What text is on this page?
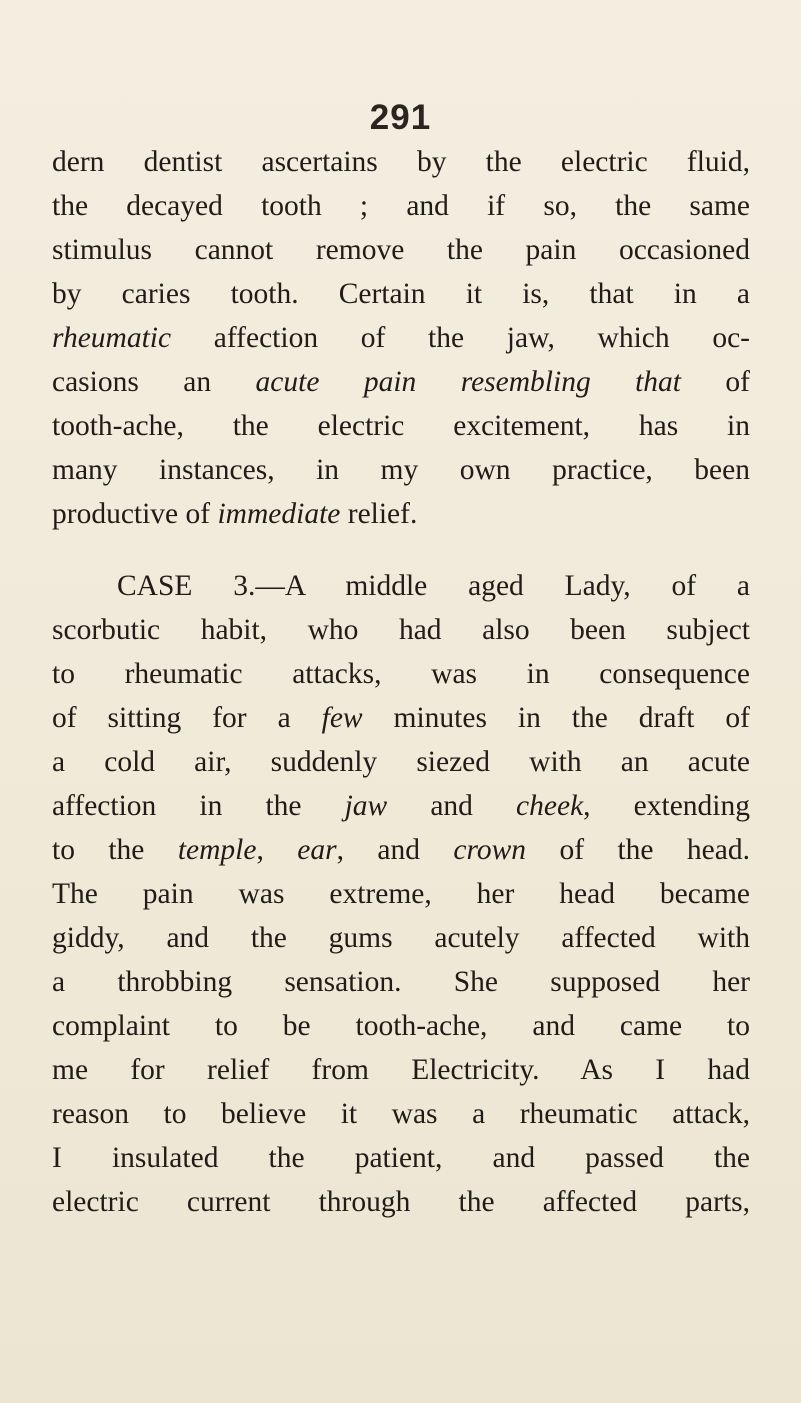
291
dern dentist ascertains by the electric fluid,
the decayed tooth ; and if so, the same
stimulus cannot remove the pain occasioned
by caries tooth. Certain it is, that in a
rheumatic affection of the jaw, which oc-
casions an acute pain resembling that of
tooth-ache, the electric excitement, has in
many instances, in my own practice, been
productive of immediate relief.
CASE 3.—A middle aged Lady, of a
scorbutic habit, who had also been subject
to rheumatic attacks, was in consequence
of sitting for a few minutes in the draft of
a cold air, suddenly siezed with an acute
affection in the jaw and cheek, extending
to the temple, ear, and crown of the head.
The pain was extreme, her head became
giddy, and the gums acutely affected with
a throbbing sensation. She supposed her
complaint to be tooth-ache, and came to
me for relief from Electricity. As I had
reason to believe it was a rheumatic attack,
I insulated the patient, and passed the
electric current through the affected parts,
